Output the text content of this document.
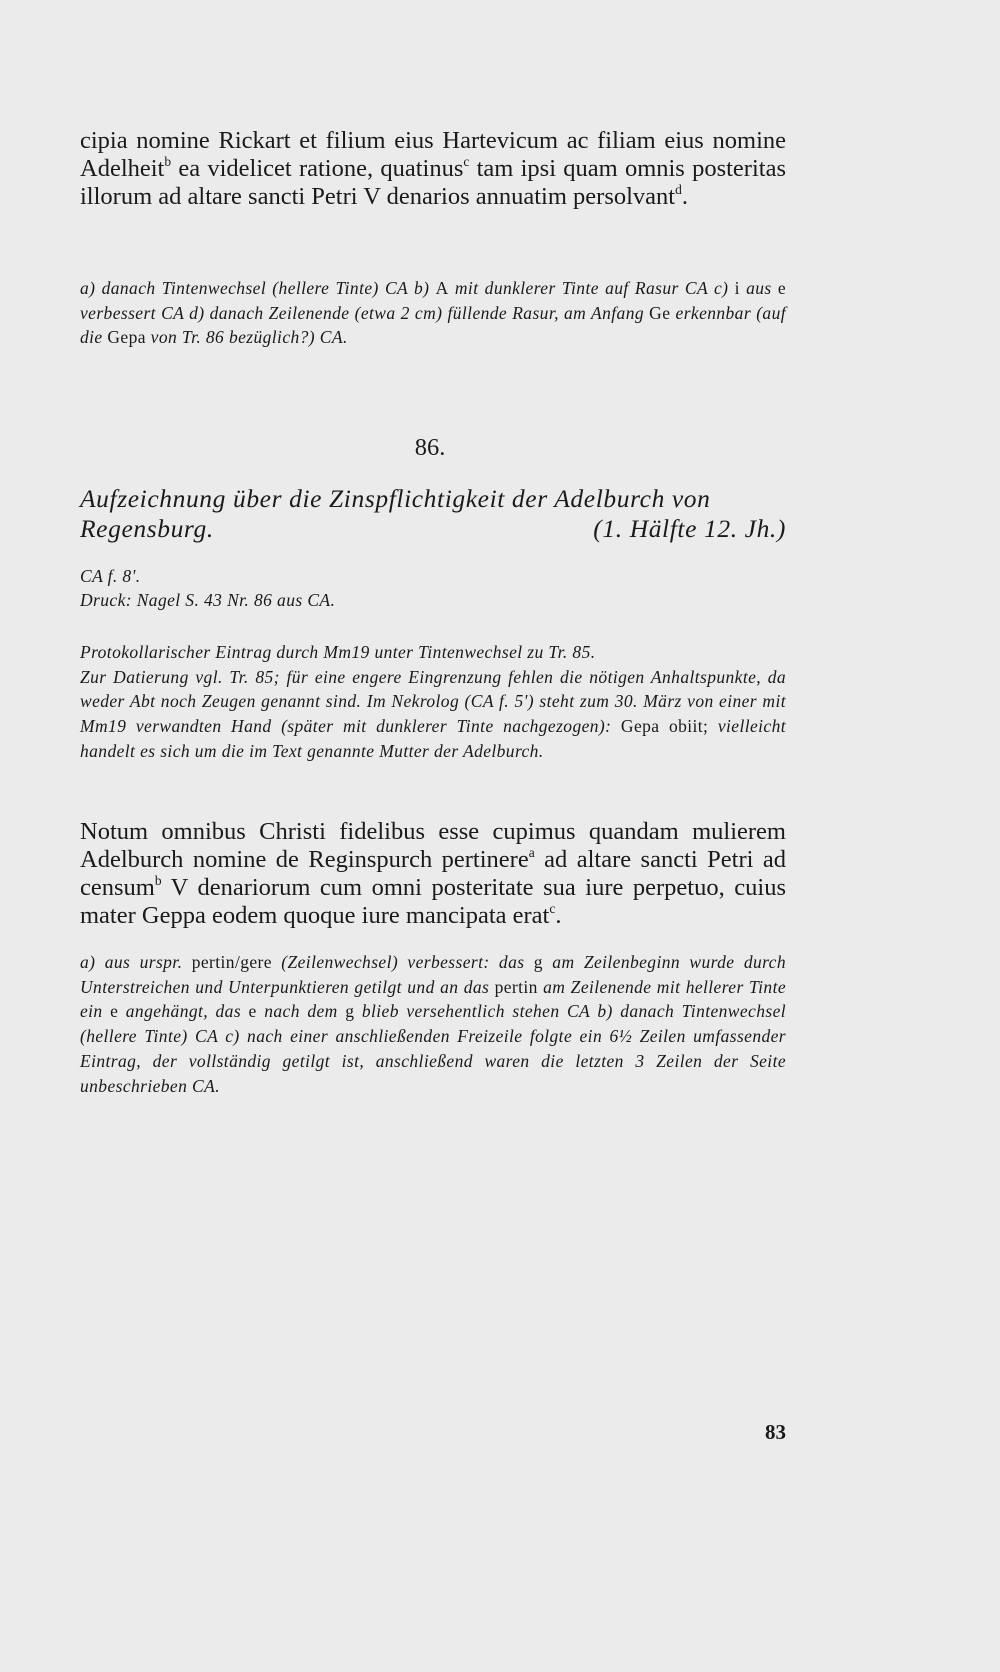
cipia nomine Rickart et filium eius Hartevicum ac filiam eius nomine Adelheit$^b$ ea videlicet ratione, quatinus$^c$ tam ipsi quam omnis posteritas illorum ad altare sancti Petri V denarios annuatim persolvant$^d$.

a) danach Tintenwechsel (hellere Tinte) CA b) A mit dunklerer Tinte auf Rasur CA c) i aus e verbessert CA d) danach Zeilenende (etwa 2 cm) füllende Rasur, am Anfang Ge erkennbar (auf die Gepa von Tr. 86 bezüglich?) CA.

86.
Aufzeichnung über die Zinspflichtigkeit der Adelburch von Regensburg.	(1. Hälfte 12. Jh.)
CA f. 8'.
Druck: Nagel S. 43 Nr. 86 aus CA.
Protokollarischer Eintrag durch Mm19 unter Tintenwechsel zu Tr. 85.
Zur Datierung vgl. Tr. 85; für eine engere Eingrenzung fehlen die nötigen Anhaltspunkte, da weder Abt noch Zeugen genannt sind. Im Nekrolog (CA f. 5') steht zum 30. März von einer mit Mm19 verwandten Hand (später mit dunklerer Tinte nachgezogen): Gepa obiit; vielleicht handelt es sich um die im Text genannte Mutter der Adelburch.

Notum omnibus Christi fidelibus esse cupimus quandam mulierem Adelburch nomine de Reginspurch pertinere$^a$ ad altare sancti Petri ad censum$^b$ V denariorum cum omni posteritate sua iure perpetuo, cuius mater Geppa eodem quoque iure mancipata erat$^c$.

a) aus urspr. pertin/gere (Zeilenwechsel) verbessert: das g am Zeilenbeginn wurde durch Unterstreichen und Unterpunktieren getilgt und an das pertin am Zeilenende mit hellerer Tinte ein e angehängt, das e nach dem g blieb versehentlich stehen CA b) danach Tintenwechsel (hellere Tinte) CA c) nach einer anschließenden Freizeile folgte ein 6½ Zeilen umfassender Eintrag, der vollständig getilgt ist, anschließend waren die letzten 3 Zeilen der Seite unbeschrieben CA.

83
